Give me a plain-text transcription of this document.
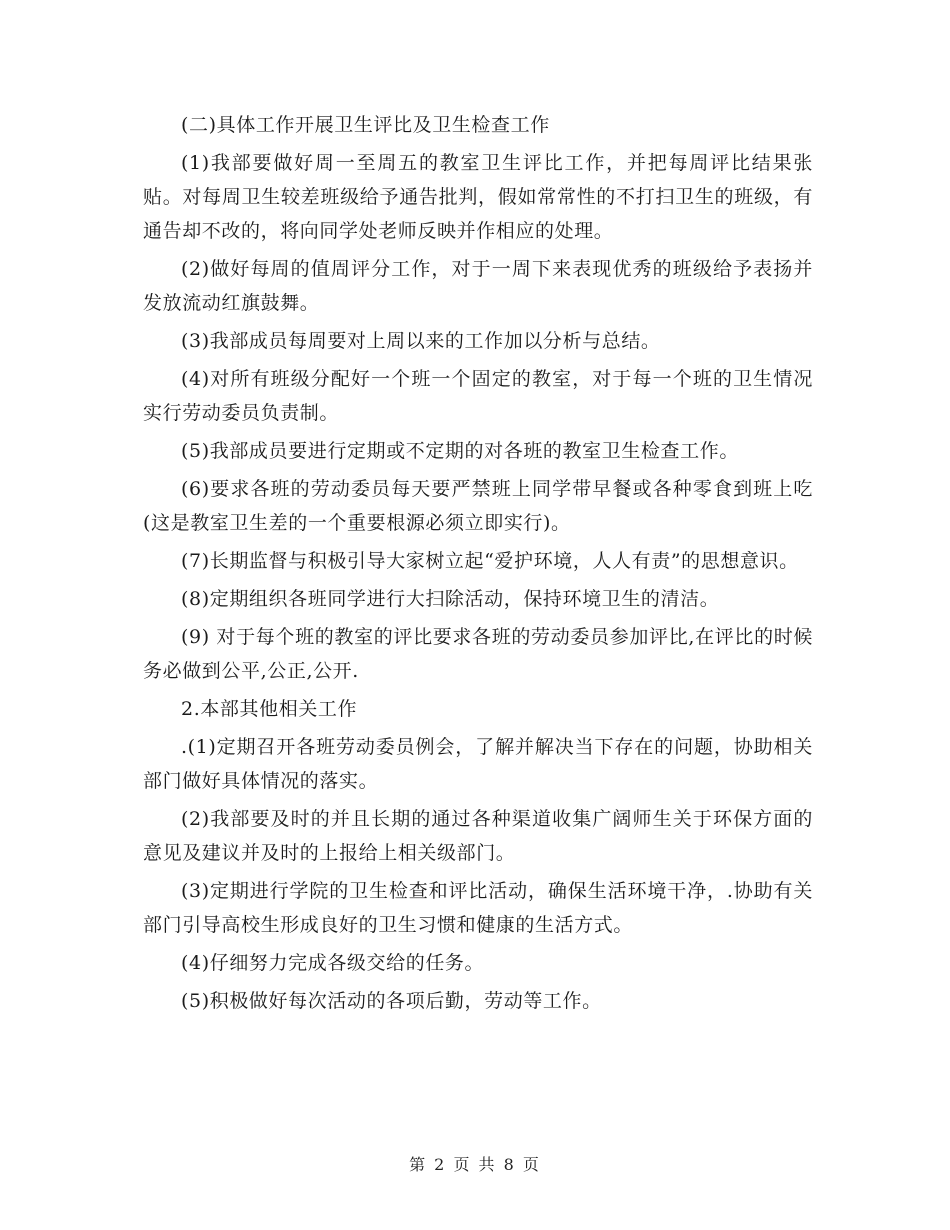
(二)具体工作开展卫生评比及卫生检查工作

(1)我部要做好周一至周五的教室卫生评比工作，并把每周评比结果张贴。对每周卫生较差班级给予通告批判，假如常常性的不打扫卫生的班级，有通告却不改的，将向同学处老师反映并作相应的处理。

(2)做好每周的值周评分工作，对于一周下来表现优秀的班级给予表扬并发放流动红旗鼓舞。

(3)我部成员每周要对上周以来的工作加以分析与总结。

(4)对所有班级分配好一个班一个固定的教室，对于每一个班的卫生情况实行劳动委员负责制。

(5)我部成员要进行定期或不定期的对各班的教室卫生检查工作。

(6)要求各班的劳动委员每天要严禁班上同学带早餐或各种零食到班上吃(这是教室卫生差的一个重要根源必须立即实行)。

(7)长期监督与积极引导大家树立起“爱护环境，人人有责”的思想意识。

(8)定期组织各班同学进行大扫除活动，保持环境卫生的清洁。

(9) 对于每个班的教室的评比要求各班的劳动委员参加评比,在评比的时候务必做到公平,公正,公开.

2.本部其他相关工作

.(1)定期召开各班劳动委员例会，了解并解决当下存在的问题，协助相关部门做好具体情况的落实。

(2)我部要及时的并且长期的通过各种渠道收集广阔师生关于环保方面的意见及建议并及时的上报给上相关级部门。

(3)定期进行学院的卫生检查和评比活动，确保生活环境干净，.协助有关部门引导高校生形成良好的卫生习惯和健康的生活方式。

(4)仔细努力完成各级交给的任务。

(5)积极做好每次活动的各项后勤，劳动等工作。

第 2 页 共 8 页
